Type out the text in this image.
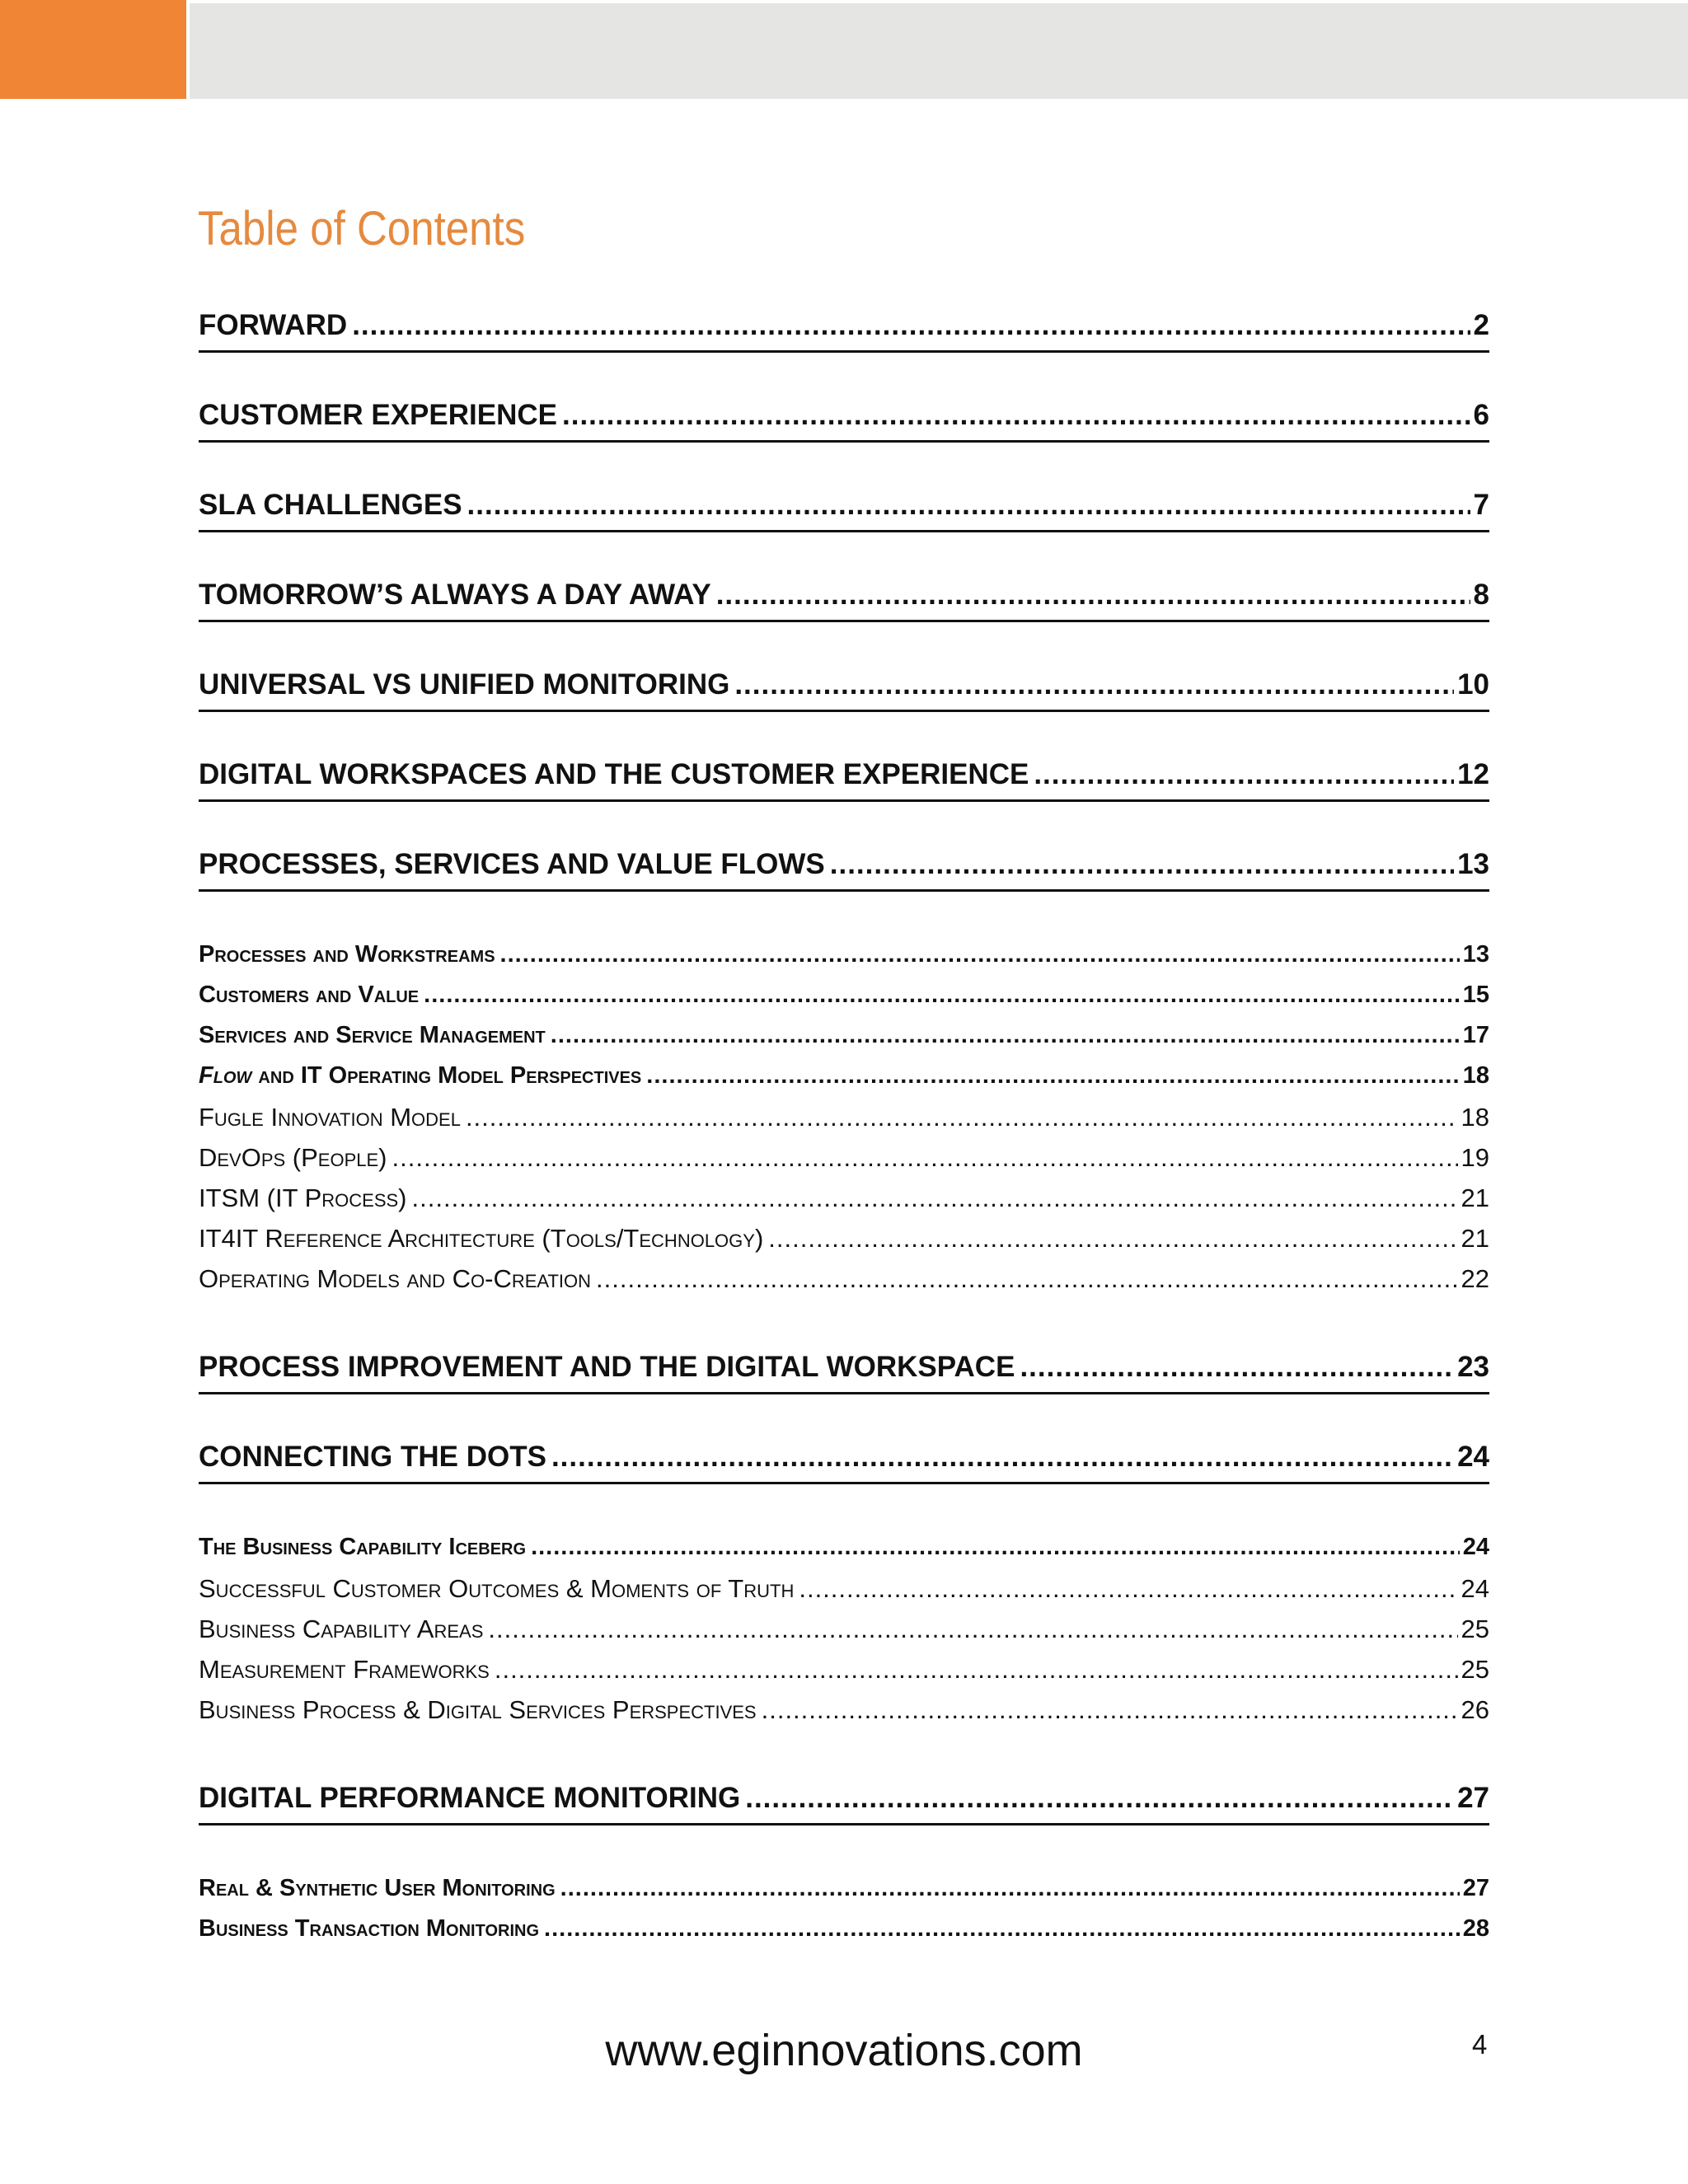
Table of Contents
FORWARD .....	2
CUSTOMER EXPERIENCE .....	6
SLA CHALLENGES .....	7
TOMORROW’S ALWAYS A DAY AWAY .....	8
UNIVERSAL VS UNIFIED MONITORING .....	10
DIGITAL WORKSPACES AND THE CUSTOMER EXPERIENCE .....	12
PROCESSES, SERVICES AND VALUE FLOWS .....	13
Processes and Workstreams .....	13
Customers and Value .....	15
Services and Service Management .....	17
Flow and IT Operating Model Perspectives .....	18
Fugle Innovation Model .....	18
DevOps (People) .....	19
ITSM (IT Process) .....	21
IT4IT Reference Architecture (Tools/Technology) .....	21
Operating Models and Co-Creation .....	22
PROCESS IMPROVEMENT AND THE DIGITAL WORKSPACE .....	23
CONNECTING THE DOTS .....	24
The Business Capability Iceberg .....	24
Successful Customer Outcomes & Moments of Truth .....	24
Business Capability Areas .....	25
Measurement Frameworks .....	25
Business Process & Digital Services Perspectives .....	26
DIGITAL PERFORMANCE MONITORING .....	27
Real & Synthetic User Monitoring .....	27
Business Transaction Monitoring .....	28
www.eginnovations.com	4
